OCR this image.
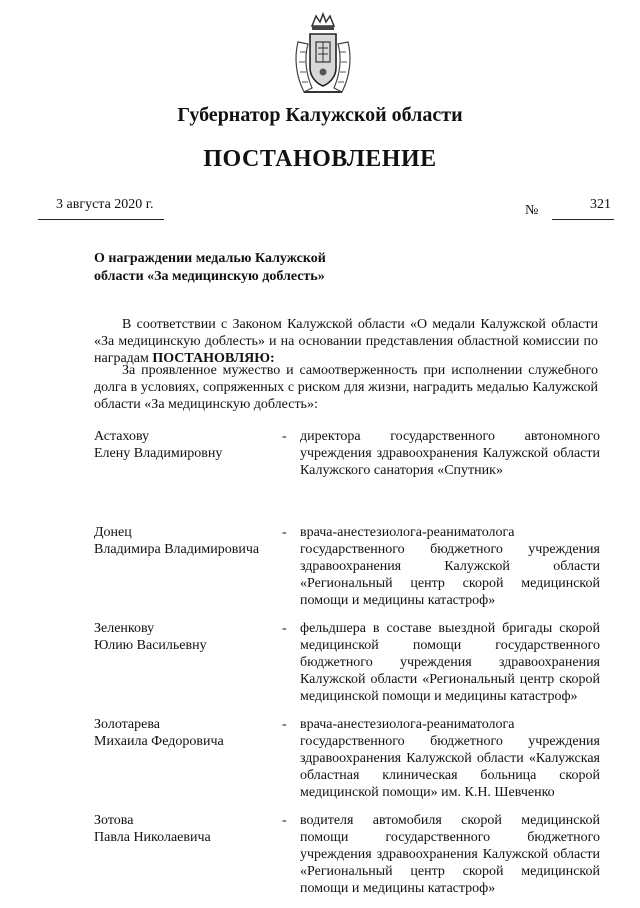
Губернатор Калужской области
ПОСТАНОВЛЕНИЕ
3 августа 2020 г.	№	321
О награждении медалью Калужской
области «За медицинскую доблесть»
В соответствии с Законом Калужской области «О медали Калужской области «За медицинскую доблесть» и на основании представления областной комиссии по наградам ПОСТАНОВЛЯЮ:
За проявленное мужество и самоотверженность при исполнении служебного долга в условиях, сопряженных с риском для жизни, наградить медалью Калужской области «За медицинскую доблесть»:
Астахову
Елену Владимировну
- директора государственного автономного учреждения здравоохранения Калужской области Калужского санатория «Спутник»
Донец
Владимира Владимировича
- врача-анестезиолога-реаниматолога государственного бюджетного учреждения здравоохранения Калужской области «Региональный центр скорой медицинской помощи и медицины катастроф»
Зеленкову
Юлию Васильевну
- фельдшера в составе выездной бригады скорой медицинской помощи государственного бюджетного учреждения здравоохранения Калужской области «Региональный центр скорой медицинской помощи и медицины катастроф»
Золотарева
Михаила Федоровича
- врача-анестезиолога-реаниматолога государственного бюджетного учреждения здравоохранения Калужской области «Калужская областная клиническая больница скорой медицинской помощи» им. К.Н. Шевченко
Зотова
Павла Николаевича
- водителя автомобиля скорой медицинской помощи государственного бюджетного учреждения здравоохранения Калужской области «Региональный центр скорой медицинской помощи и медицины катастроф»
